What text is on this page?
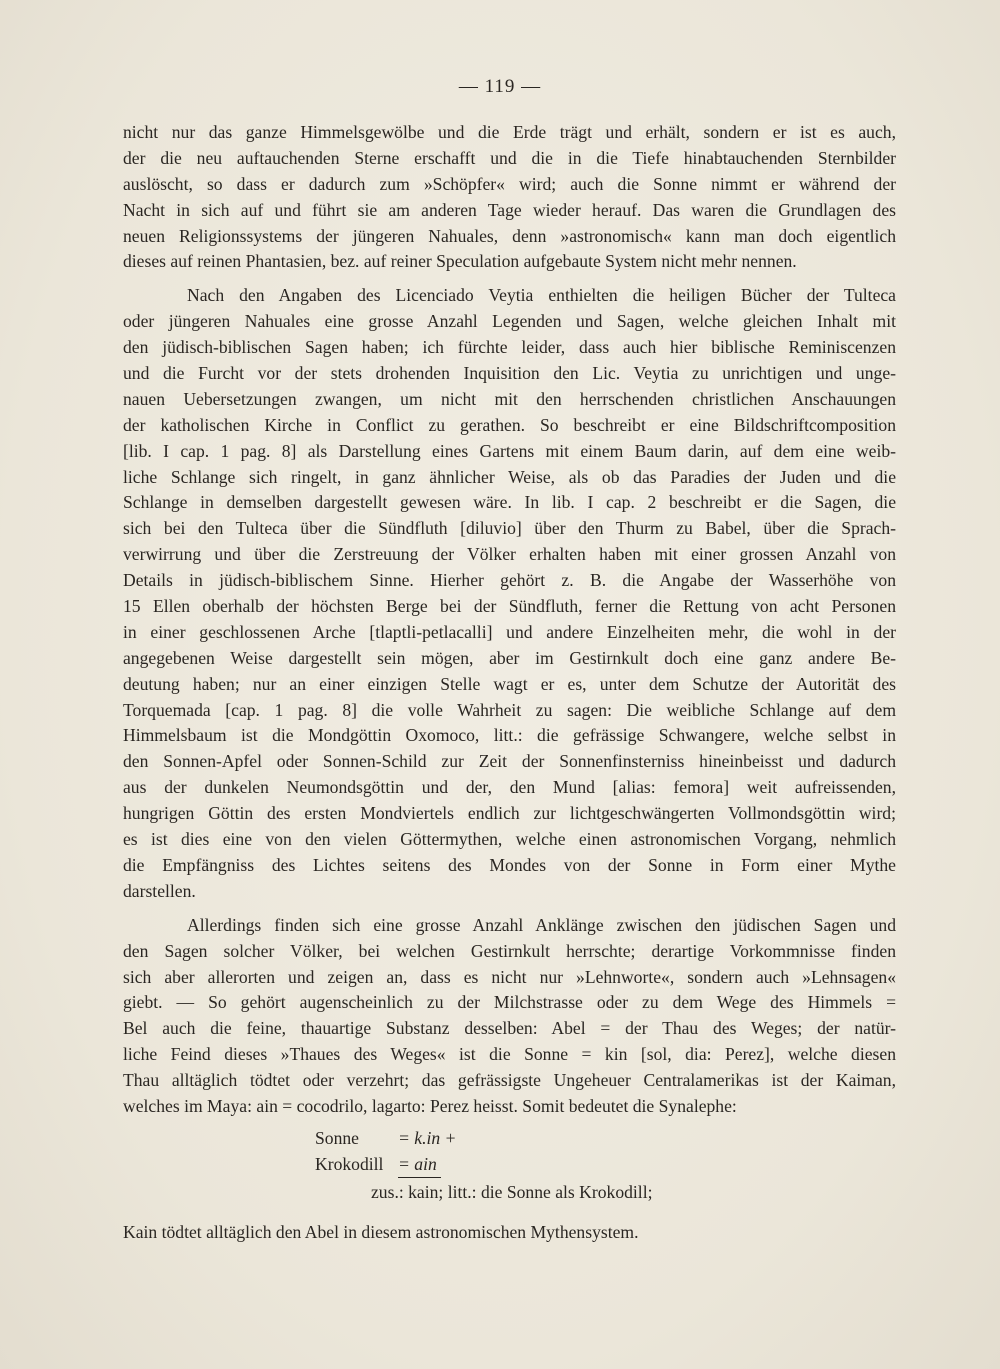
— 119 —
nicht nur das ganze Himmelsgewölbe und die Erde trägt und erhält, sondern er ist es auch,
der die neu auftauchenden Sterne erschafft und die in die Tiefe hinabtauchenden Sternbilder
auslöscht, so dass er dadurch zum »Schöpfer« wird; auch die Sonne nimmt er während der
Nacht in sich auf und führt sie am anderen Tage wieder herauf. Das waren die Grundlagen des
neuen Religionssystems der jüngeren Nahuales, denn »astronomisch« kann man doch eigentlich
dieses auf reinen Phantasien, bez. auf reiner Speculation aufgebaute System nicht mehr nennen.
Nach den Angaben des Licenciado Veytia enthielten die heiligen Bücher der Tulteca
oder jüngeren Nahuales eine grosse Anzahl Legenden und Sagen, welche gleichen Inhalt mit
den jüdisch-biblischen Sagen haben; ich fürchte leider, dass auch hier biblische Reminiscenzen
und die Furcht vor der stets drohenden Inquisition den Lic. Veytia zu unrichtigen und unge-
nauen Uebersetzungen zwangen, um nicht mit den herrschenden christlichen Anschauungen
der katholischen Kirche in Conflict zu gerathen. So beschreibt er eine Bildschriftcomposition
[lib. I cap. 1 pag. 8] als Darstellung eines Gartens mit einem Baum darin, auf dem eine weib-
liche Schlange sich ringelt, in ganz ähnlicher Weise, als ob das Paradies der Juden und die
Schlange in demselben dargestellt gewesen wäre. In lib. I cap. 2 beschreibt er die Sagen, die
sich bei den Tulteca über die Sündfluth [diluvio] über den Thurm zu Babel, über die Sprach-
verwirrung und über die Zerstreuung der Völker erhalten haben mit einer grossen Anzahl von
Details in jüdisch-biblischem Sinne. Hierher gehört z. B. die Angabe der Wasserhöhe von
15 Ellen oberhalb der höchsten Berge bei der Sündfluth, ferner die Rettung von acht Personen
in einer geschlossenen Arche [tlaptli-petlacalli] und andere Einzelheiten mehr, die wohl in der
angegebenen Weise dargestellt sein mögen, aber im Gestirnkult doch eine ganz andere Be-
deutung haben; nur an einer einzigen Stelle wagt er es, unter dem Schutze der Autorität des
Torquemada [cap. 1 pag. 8] die volle Wahrheit zu sagen: Die weibliche Schlange auf dem
Himmelsbaum ist die Mondgöttin Oxomoco, litt.: die gefrässige Schwangere, welche selbst in
den Sonnen-Apfel oder Sonnen-Schild zur Zeit der Sonnenfinsterniss hineinbeisst und dadurch
aus der dunkelen Neumondsgöttin und der, den Mund [alias: femora] weit aufreissenden,
hungrigen Göttin des ersten Mondviertels endlich zur lichtgeschwängerten Vollmondsgöttin wird;
es ist dies eine von den vielen Göttermythen, welche einen astronomischen Vorgang, nehmlich
die Empfängniss des Lichtes seitens des Mondes von der Sonne in Form einer Mythe
darstellen.
Allerdings finden sich eine grosse Anzahl Anklänge zwischen den jüdischen Sagen und
den Sagen solcher Völker, bei welchen Gestirnkult herrschte; derartige Vorkommnisse finden
sich aber allerorten und zeigen an, dass es nicht nur »Lehnworte«, sondern auch »Lehnsagen«
giebt. — So gehört augenscheinlich zu der Milchstrasse oder zu dem Wege des Himmels =
Bel auch die feine, thauartige Substanz desselben: Abel = der Thau des Weges; der natür-
liche Feind dieses »Thaues des Weges« ist die Sonne = kin [sol, dia: Perez], welche diesen
Thau alltäglich tödtet oder verzehrt; das gefrässigste Ungeheuer Centralamerikas ist der Kaiman,
welches im Maya: ain = cocodrilo, lagarto: Perez heisst. Somit bedeutet die Synalephe:
Sonne = k.in +
Krokodill = ain
zus.: kain; litt.: die Sonne als Krokodill;
Kain tödtet alltäglich den Abel in diesem astronomischen Mythensystem.
